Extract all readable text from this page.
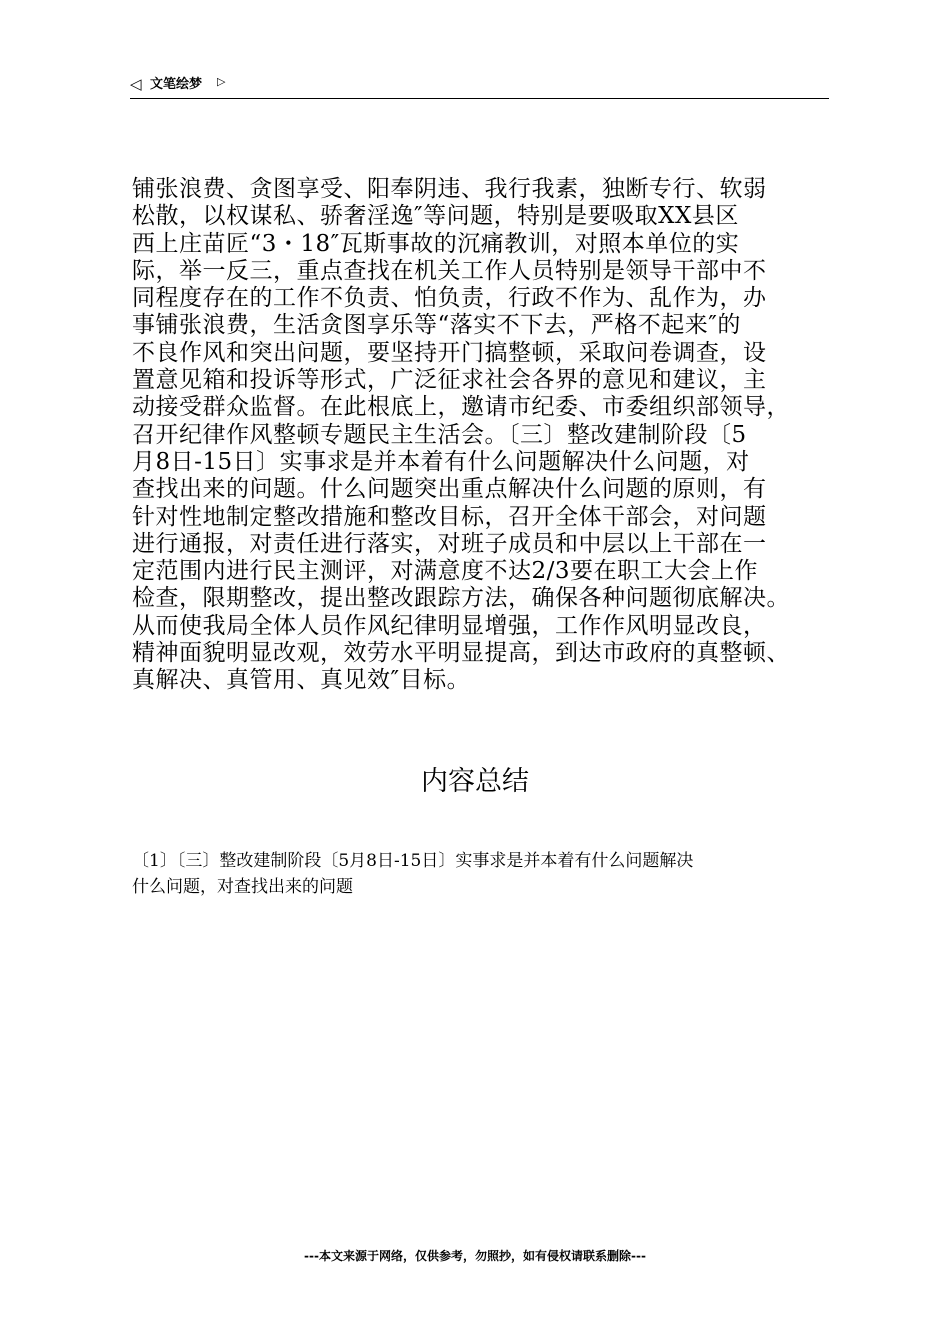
◁ 文笔绘梦 ▷

铺张浪费、贪图享受、阳奉阴违、我行我素，独断专行、软弱
松散，以权谋私、骄奢淫逸″等问题，特别是要吸取XX县区
西上庄苗匠“3・18″瓦斯事故的沉痛教训，对照本单位的实
际，举一反三，重点查找在机关工作人员特别是领导干部中不
同程度存在的工作不负责、怕负责，行政不作为、乱作为，办
事铺张浪费，生活贪图享乐等“落实不下去，严格不起来″的
不良作风和突出问题，要坚持开门搞整顿，采取问卷调查，设
置意见箱和投诉等形式，广泛征求社会各界的意见和建议，主
动接受群众监督。在此根底上，邀请市纪委、市委组织部领导，
召开纪律作风整顿专题民主生活会。〔三〕整改建制阶段〔5
月8日-15日〕实事求是并本着有什么问题解决什么问题，对
查找出来的问题。什么问题突出重点解决什么问题的原则，有
针对性地制定整改措施和整改目标，召开全体干部会，对问题
进行通报，对责任进行落实，对班子成员和中层以上干部在一
定范围内进行民主测评，对满意度不达2/3要在职工大会上作
检查，限期整改，提出整改跟踪方法，确保各种问题彻底解决。
从而使我局全体人员作风纪律明显增强，工作作风明显改良，
精神面貌明显改观，效劳水平明显提高，到达市政府的真整顿、
真解决、真管用、真见效″目标。

内容总结

〔1〕〔三〕整改建制阶段〔5月8日-15日〕实事求是并本着有什么问题解决
什么问题，对查找出来的问题

---本文来源于网络，仅供参考，勿照抄，如有侵权请联系删除---
